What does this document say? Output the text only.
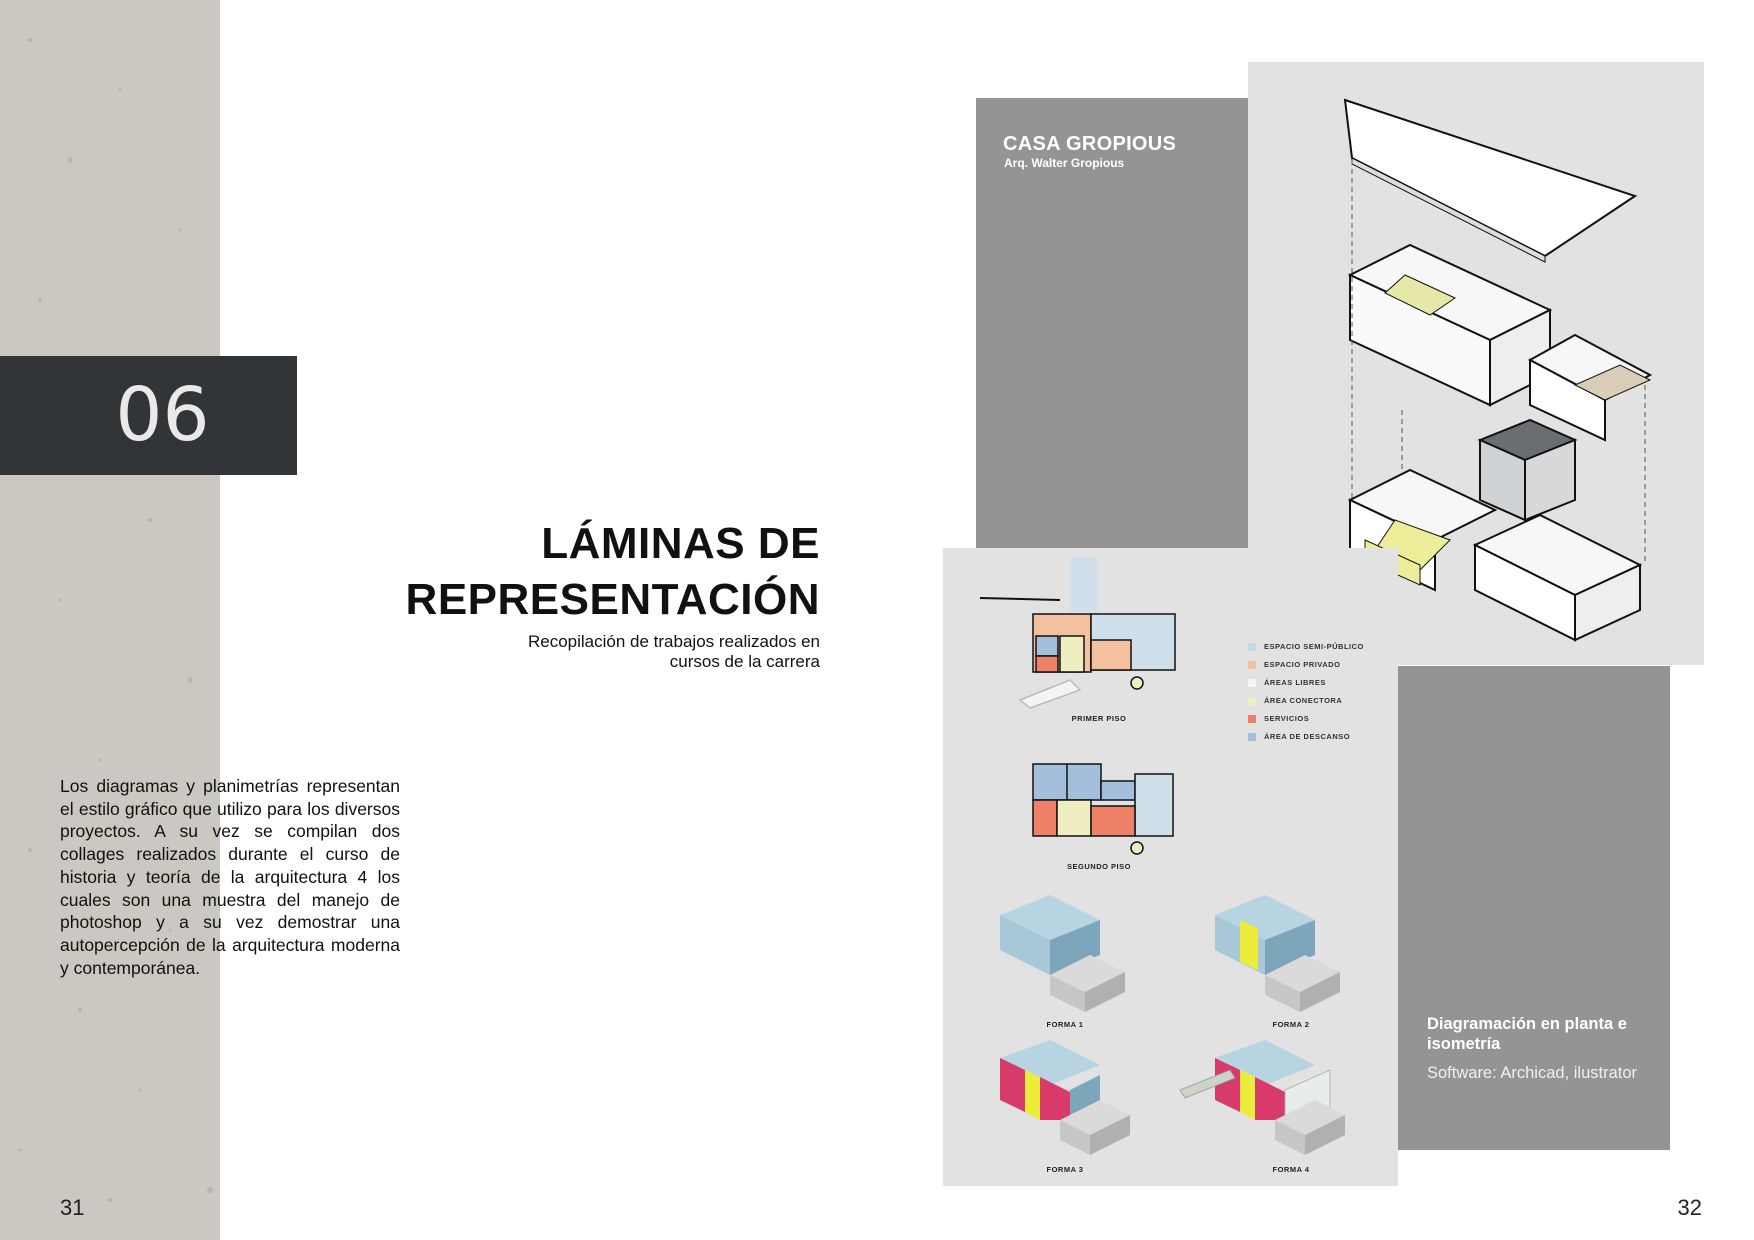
06
LÁMINAS DE
REPRESENTACIÓN
Recopilación de trabajos realizados en
cursos de la carrera
Los diagramas y planimetrías representan el estilo gráfico que utilizo para los diversos proyectos. A su vez se compilan dos collages realizados durante el curso de historia y teoría de la arquitectura 4 los cuales son una muestra del manejo de photoshop y a su vez demostrar una autopercepción de la arquitectura moderna y contemporánea.
31
CASA GROPIOUS
Arq. Walter Gropious
PRIMER PISO
SEGUNDO PISO
ESPACIO SEMI-PÚBLICO
ESPACIO PRIVADO
ÁREAS LIBRES
ÁREA CONECTORA
SERVICIOS
ÁREA DE DESCANSO
FORMA 1	FORMA 2
FORMA 3	FORMA 4
Diagramación en planta e isometría
Software: Archicad, ilustrator
32
